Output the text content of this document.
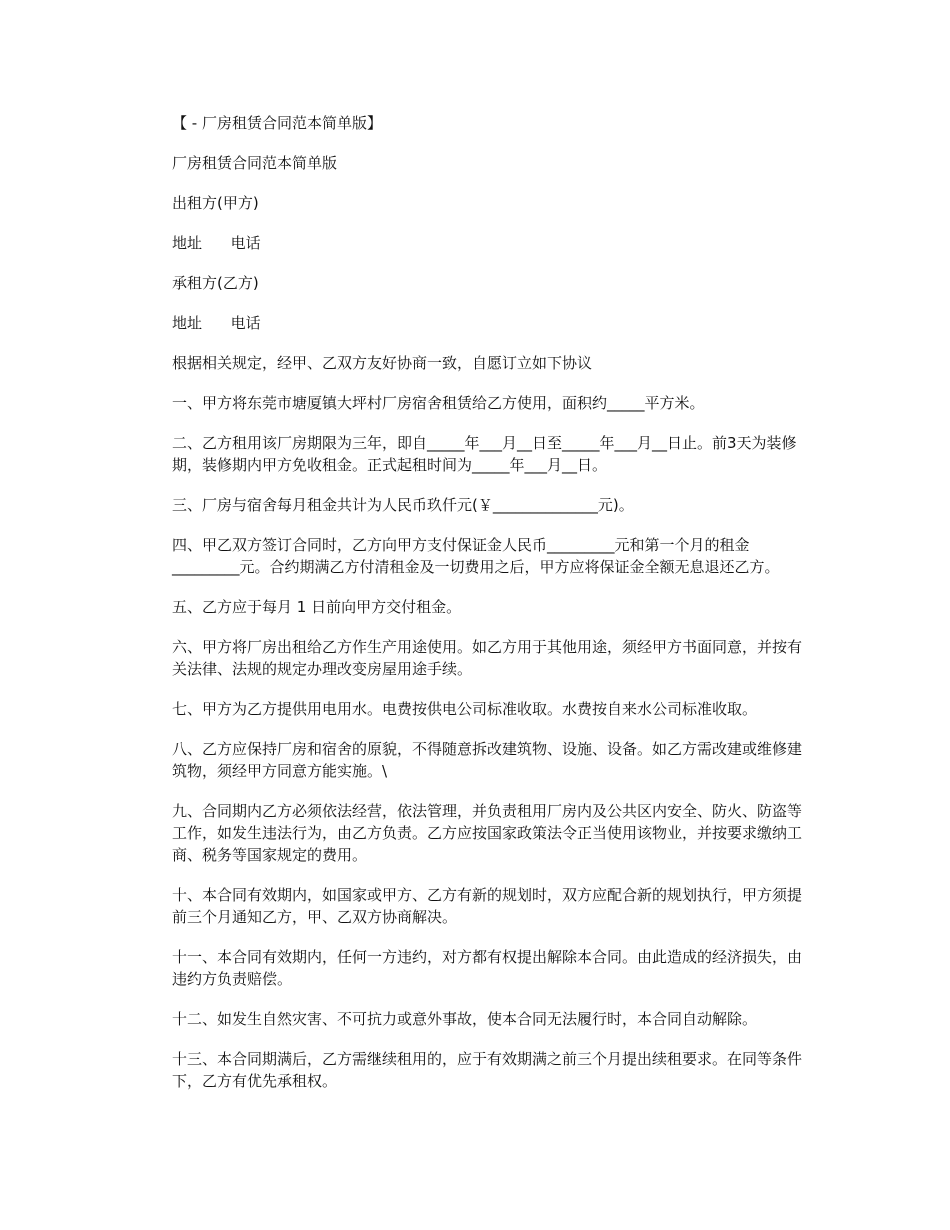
【 - 厂房租赁合同范本简单版】

厂房租赁合同范本简单版

出租方(甲方)

地址      电话

承租方(乙方)

地址      电话

根据相关规定，经甲、乙双方友好协商一致，自愿订立如下协议

一、甲方将东莞市塘厦镇大坪村厂房宿舍租赁给乙方使用，面积约_____平方米。

二、乙方租用该厂房期限为三年，即自_____年___月__日至_____年___月__日止。前3天为装修期，装修期内甲方免收租金。正式起租时间为_____年___月__日。

三、厂房与宿舍每月租金共计为人民币玖仟元(￥______________元)。

四、甲乙双方签订合同时，乙方向甲方支付保证金人民币_________元和第一个月的租金_________元。合约期满乙方付清租金及一切费用之后，甲方应将保证金全额无息退还乙方。

五、乙方应于每月 1 日前向甲方交付租金。

六、甲方将厂房出租给乙方作生产用途使用。如乙方用于其他用途，须经甲方书面同意，并按有关法律、法规的规定办理改变房屋用途手续。

七、甲方为乙方提供用电用水。电费按供电公司标准收取。水费按自来水公司标准收取。

八、乙方应保持厂房和宿舍的原貌，不得随意拆改建筑物、设施、设备。如乙方需改建或维修建筑物，须经甲方同意方能实施。\

九、合同期内乙方必须依法经营，依法管理，并负责租用厂房内及公共区内安全、防火、防盗等工作，如发生违法行为，由乙方负责。乙方应按国家政策法令正当使用该物业，并按要求缴纳工商、税务等国家规定的费用。

十、本合同有效期内，如国家或甲方、乙方有新的规划时，双方应配合新的规划执行，甲方须提前三个月通知乙方，甲、乙双方协商解决。

十一、本合同有效期内，任何一方违约，对方都有权提出解除本合同。由此造成的经济损失，由违约方负责赔偿。

十二、如发生自然灾害、不可抗力或意外事故，使本合同无法履行时，本合同自动解除。

十三、本合同期满后，乙方需继续租用的，应于有效期满之前三个月提出续租要求。在同等条件下，乙方有优先承租权。
